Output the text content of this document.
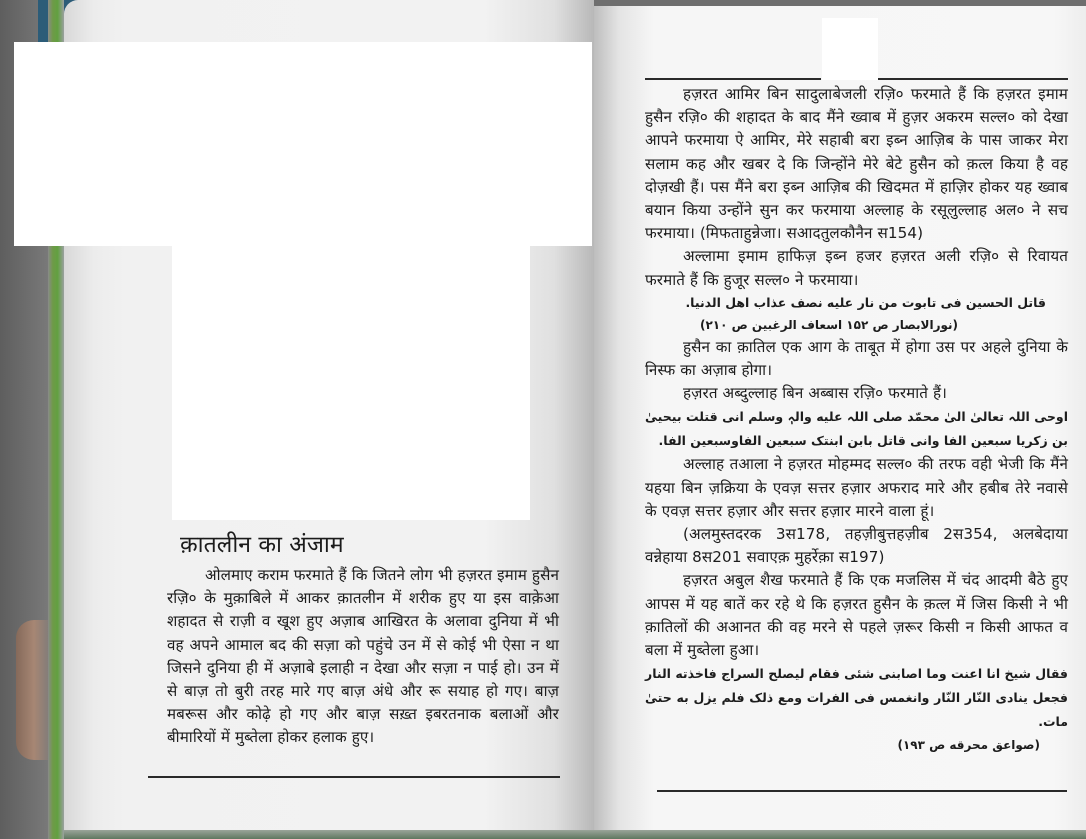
क़ातलीन का अंजाम

ओलमाए कराम फरमाते हैं कि जितने लोग भी हज़रत इमाम हुसैन रज़ि० के मुक़ाबिले में आकर क़ातलीन में शरीक हुए या इस वाक़ेआ शहादत से राज़ी व खूश हुए अज़ाब आखिरत के अलावा दुनिया में भी वह अपने आमाल बद की सज़ा को पहुंचे उन में से कोई भी ऐसा न था जिसने दुनिया ही में अज़ाबे इलाही न देखा और सज़ा न पाई हो। उन में से बाज़ तो बुरी तरह मारे गए बाज़ अंधे और रू सयाह हो गए। बाज़ मबरूस और कोढ़े हो गए और बाज़ सख़्त इबरतनाक बलाओं और बीमारियों में मुब्तेला होकर हलाक हुए।

हज़रत आमिर बिन सादुलाबेजली रज़ि० फरमाते हैं कि हज़रत इमाम हुसैन रज़ि० की शहादत के बाद मैंने ख्वाब में हुज़र अकरम सल्ल० को देखा आपने फरमाया ऐ आमिर, मेरे सहाबी बरा इब्न आज़िब के पास जाकर मेरा सलाम कह और खबर दे कि जिन्होंने मेरे बेटे हुसैन को क़त्ल किया है वह दोज़खी हैं। पस मैंने बरा इब्न आज़िब की खिदमत में हाज़िर होकर यह ख्वाब बयान किया उन्होंने सुन कर फरमाया अल्लाह के रसूलुल्लाह अल० ने सच फरमाया। (मिफताहुन्नेजा। सआदतुलकौनैन स154)

अल्लामा इमाम हाफिज़ इब्न हजर हज़रत अली रज़ि० से रिवायत फरमाते हैं कि हुजूर सल्ल० ने फरमाया।

قاتل الحسین فی تابوت من نار علیه نصف عذاب اهل الدنیا.

(نورالابصار ص ۱۵۲ اسعاف الرغبین ص ۲۱۰)

हुसैन का क़ातिल एक आग के ताबूत में होगा उस पर अहले दुनिया के निस्फ का अज़ाब होगा।

हज़रत अब्दुल्लाह बिन अब्बास रज़ि० फरमाते हैं।

اوحی اللہ تعالیٰ الیٰ محمّد صلی اللہ علیه والہٖ وسلم انی قتلت بیحییٰ بن زکریا سبعین الفا وانی قاتل بابن ابنتک سبعین الفاوسبعین الفا.

अल्लाह तआला ने हज़रत मोहम्मद सल्ल० की तरफ वही भेजी कि मैंने यहया बिन ज़क्रिया के एवज़ सत्तर हज़ार अफराद मारे और हबीब तेरे नवासे के एवज़ सत्तर हज़ार और सत्तर हज़ार मारने वाला हूं।

(अलमुस्तदरक 3स178, तहज़ीबुत्तहज़ीब 2स354, अलबेदाया वन्नेहाया 8स201 सवाएक़ मुहर्रेक़ा स197)

हज़रत अबुल शैख फरमाते हैं कि एक मजलिस में चंद आदमी बैठे हुए आपस में यह बातें कर रहे थे कि हज़रत हुसैन के क़त्ल में जिस किसी ने भी क़ातिलों की अआनत की वह मरने से पहले ज़रूर किसी न किसी आफत व बला में मुब्तेला हुआ।

فقال شیخ انا اعنت وما اصابنی شئی فقام لیصلح السراج فاخذته النار فجعل ینادی النّار النّار وانغمس فی الفرات ومع ذلک فلم یزل به حتیٰ مات.

(صواعق محرقه ص ۱۹۳)
